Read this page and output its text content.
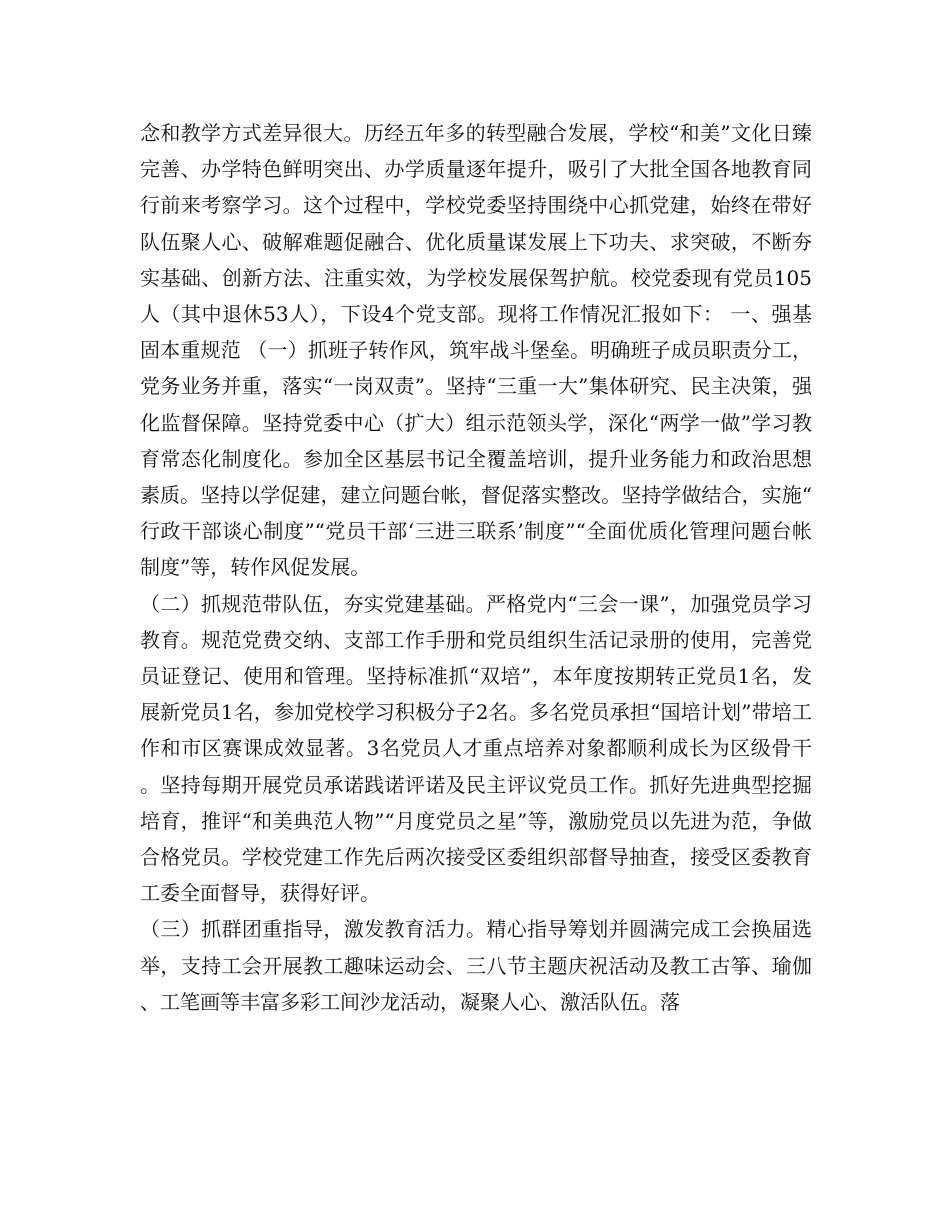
念和教学方式差异很大。历经五年多的转型融合发展，学校“和美”文化日臻完善、办学特色鲜明突出、办学质量逐年提升，吸引了大批全国各地教育同行前来考察学习。这个过程中，学校党委坚持围绕中心抓党建，始终在带好队伍聚人心、破解难题促融合、优化质量谋发展上下功夫、求突破，不断夯实基础、创新方法、注重实效，为学校发展保驾护航。校党委现有党员105人（其中退休53人），下设4个党支部。现将工作情况汇报如下： 一、强基固本重规范 （一）抓班子转作风，筑牢战斗堡垒。明确班子成员职责分工，党务业务并重，落实“一岗双责”。坚持“三重一大”集体研究、民主决策，强化监督保障。坚持党委中心（扩大）组示范领头学，深化“两学一做”学习教育常态化制度化。参加全区基层书记全覆盖培训，提升业务能力和政治思想素质。坚持以学促建，建立问题台帐，督促落实整改。坚持学做结合，实施“行政干部谈心制度”“党员干部‘三进三联系’制度”“全面优质化管理问题台帐制度”等，转作风促发展。

（二）抓规范带队伍，夯实党建基础。严格党内“三会一课”，加强党员学习教育。规范党费交纳、支部工作手册和党员组织生活记录册的使用，完善党员证登记、使用和管理。坚持标准抓“双培”，本年度按期转正党员1名，发展新党员1名，参加党校学习积极分子2名。多名党员承担“国培计划”带培工作和市区赛课成效显著。3名党员人才重点培养对象都顺利成长为区级骨干。坚持每期开展党员承诺践诺评诺及民主评议党员工作。抓好先进典型挖掘培育，推评“和美典范人物”“月度党员之星”等，激励党员以先进为范，争做合格党员。学校党建工作先后两次接受区委组织部督导抽查，接受区委教育工委全面督导，获得好评。

（三）抓群团重指导，激发教育活力。精心指导筹划并圆满完成工会换届选举，支持工会开展教工趣味运动会、三八节主题庆祝活动及教工古筝、瑜伽、工笔画等丰富多彩工间沙龙活动，凝聚人心、激活队伍。落
